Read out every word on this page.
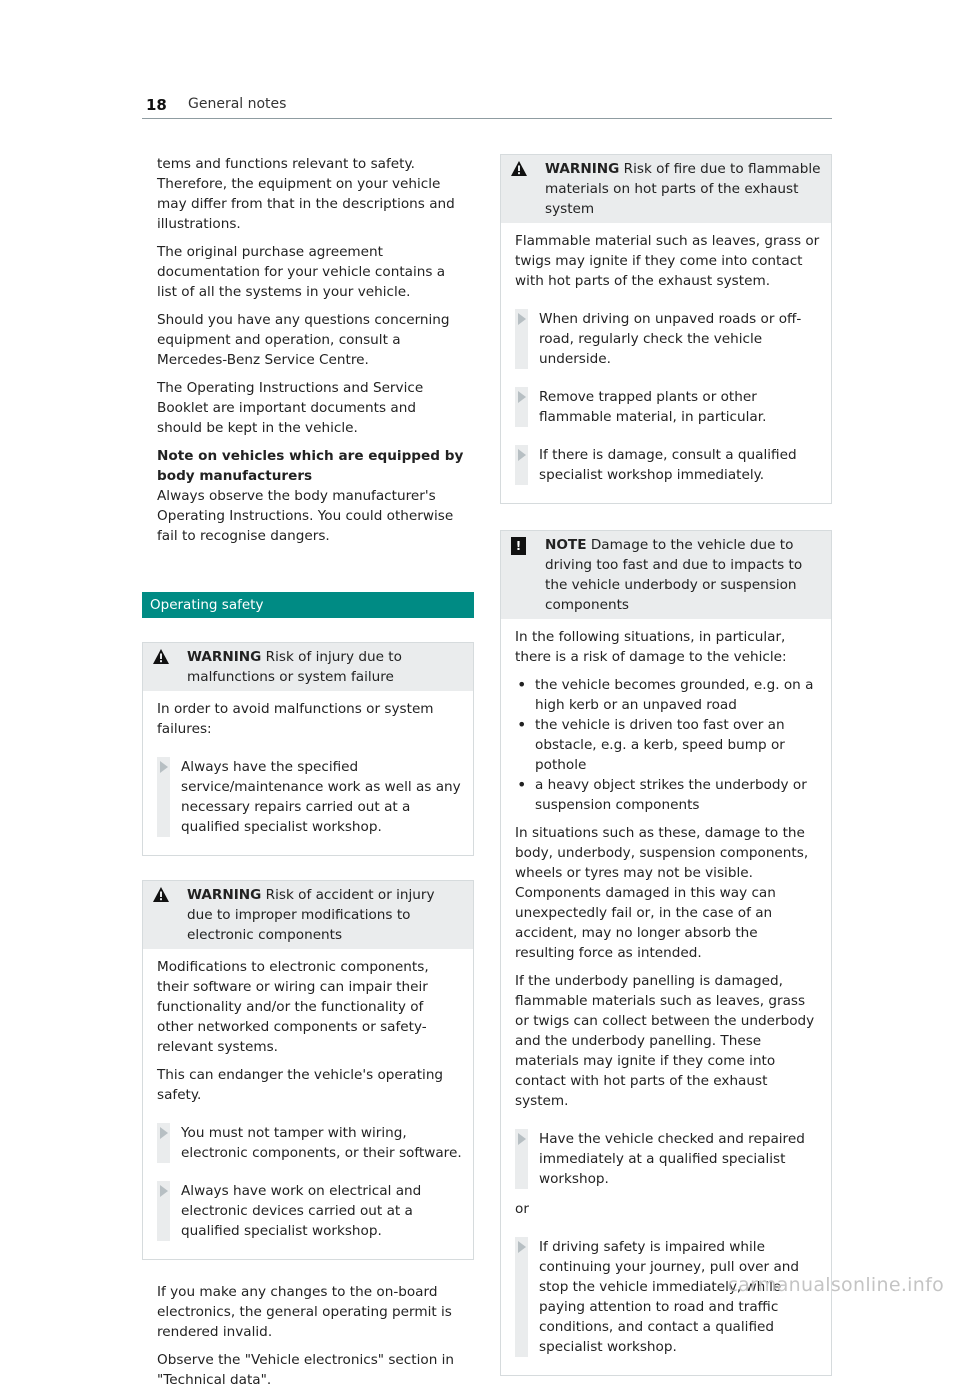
18 General notes

tems and functions relevant to safety. Therefore, the equipment on your vehicle may differ from that in the descriptions and illustrations.

The original purchase agreement documentation for your vehicle contains a list of all the systems in your vehicle.

Should you have any questions concerning equipment and operation, consult a Mercedes-Benz Service Centre.

The Operating Instructions and Service Booklet are important documents and should be kept in the vehicle.

Note on vehicles which are equipped by body manufacturers

Always observe the body manufacturer's Operating Instructions. You could otherwise fail to recognise dangers.

Operating safety
WARNING Risk of injury due to malfunctions or system failure

In order to avoid malfunctions or system failures:

Always have the specified service/maintenance work as well as any necessary repairs carried out at a qualified specialist workshop.
WARNING Risk of accident or injury due to improper modifications to electronic components

Modifications to electronic components, their software or wiring can impair their functionality and/or the functionality of other networked components or safety-relevant systems.

This can endanger the vehicle's operating safety.

You must not tamper with wiring, electronic components, or their software.
Always have work on electrical and electronic devices carried out at a qualified specialist workshop.

If you make any changes to the on-board electronics, the general operating permit is rendered invalid.

Observe the "Vehicle electronics" section in "Technical data".

WARNING Risk of fire due to flammable materials on hot parts of the exhaust system

Flammable material such as leaves, grass or twigs may ignite if they come into contact with hot parts of the exhaust system.

When driving on unpaved roads or off-road, regularly check the vehicle underside.
Remove trapped plants or other flammable material, in particular.
If there is damage, consult a qualified specialist workshop immediately.
!	NOTE Damage to the vehicle due to driving too fast and due to impacts to the vehicle underbody or suspension components

In the following situations, in particular, there is a risk of damage to the vehicle:

• the vehicle becomes grounded, e.g. on a high kerb or an unpaved road
• the vehicle is driven too fast over an obstacle, e.g. a kerb, speed bump or pothole
• a heavy object strikes the underbody or suspension components

In situations such as these, damage to the body, underbody, suspension components, wheels or tyres may not be visible. Components damaged in this way can unexpectedly fail or, in the case of an accident, may no longer absorb the resulting force as intended.

If the underbody panelling is damaged, flammable materials such as leaves, grass or twigs can collect between the underbody and the underbody panelling. These materials may ignite if they come into contact with hot parts of the exhaust system.

Have the vehicle checked and repaired immediately at a qualified specialist workshop.

or

If driving safety is impaired while continuing your journey, pull over and stop the vehicle immediately, while paying attention to road and traffic conditions, and contact a qualified specialist workshop.
carmanualsonline.info
